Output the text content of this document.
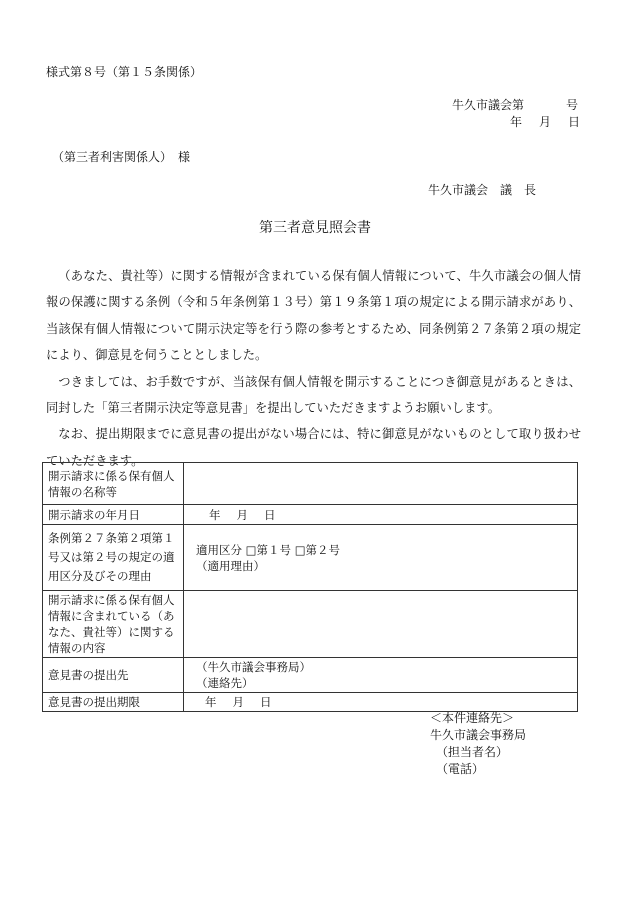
様式第８号（第１５条関係）
牛久市議会第	号
年 月 日
（第三者利害関係人）　様
牛久市議会　議　長
第三者意見照会書

（あなた、貴社等）に関する情報が含まれている保有個人情報について、牛久市議会の個人情報の保護に関する条例（令和５年条例第１３号）第１９条第１項の規定による開示請求があり、当該保有個人情報について開示決定等を行う際の参考とするため、同条例第２７条第２項の規定により、御意見を伺うこととしました。

つきましては、お手数ですが、当該保有個人情報を開示することにつき御意見があるときは、同封した「第三者開示決定等意見書」を提出していただきますようお願いします。

なお、提出期限までに意見書の提出がない場合には、特に御意見がないものとして取り扱わせていただきます。

開示請求に係る保有個人情報の名称等	
開示請求の年月日	年 月 日

条例第２７条第２項第１号又は第２号の規定の適用区分及びその理由	適用区分 □第１号 □第２号
（適用理由）

開示請求に係る保有個人情報に含まれている（あなた、貴社等）に関する情報の内容	
意見書の提出先	（牛久市議会事務局）
（連絡先）

意見書の提出期限	年 月 日
＜本件連絡先＞
牛久市議会事務局
（担当者名）
（電話）
